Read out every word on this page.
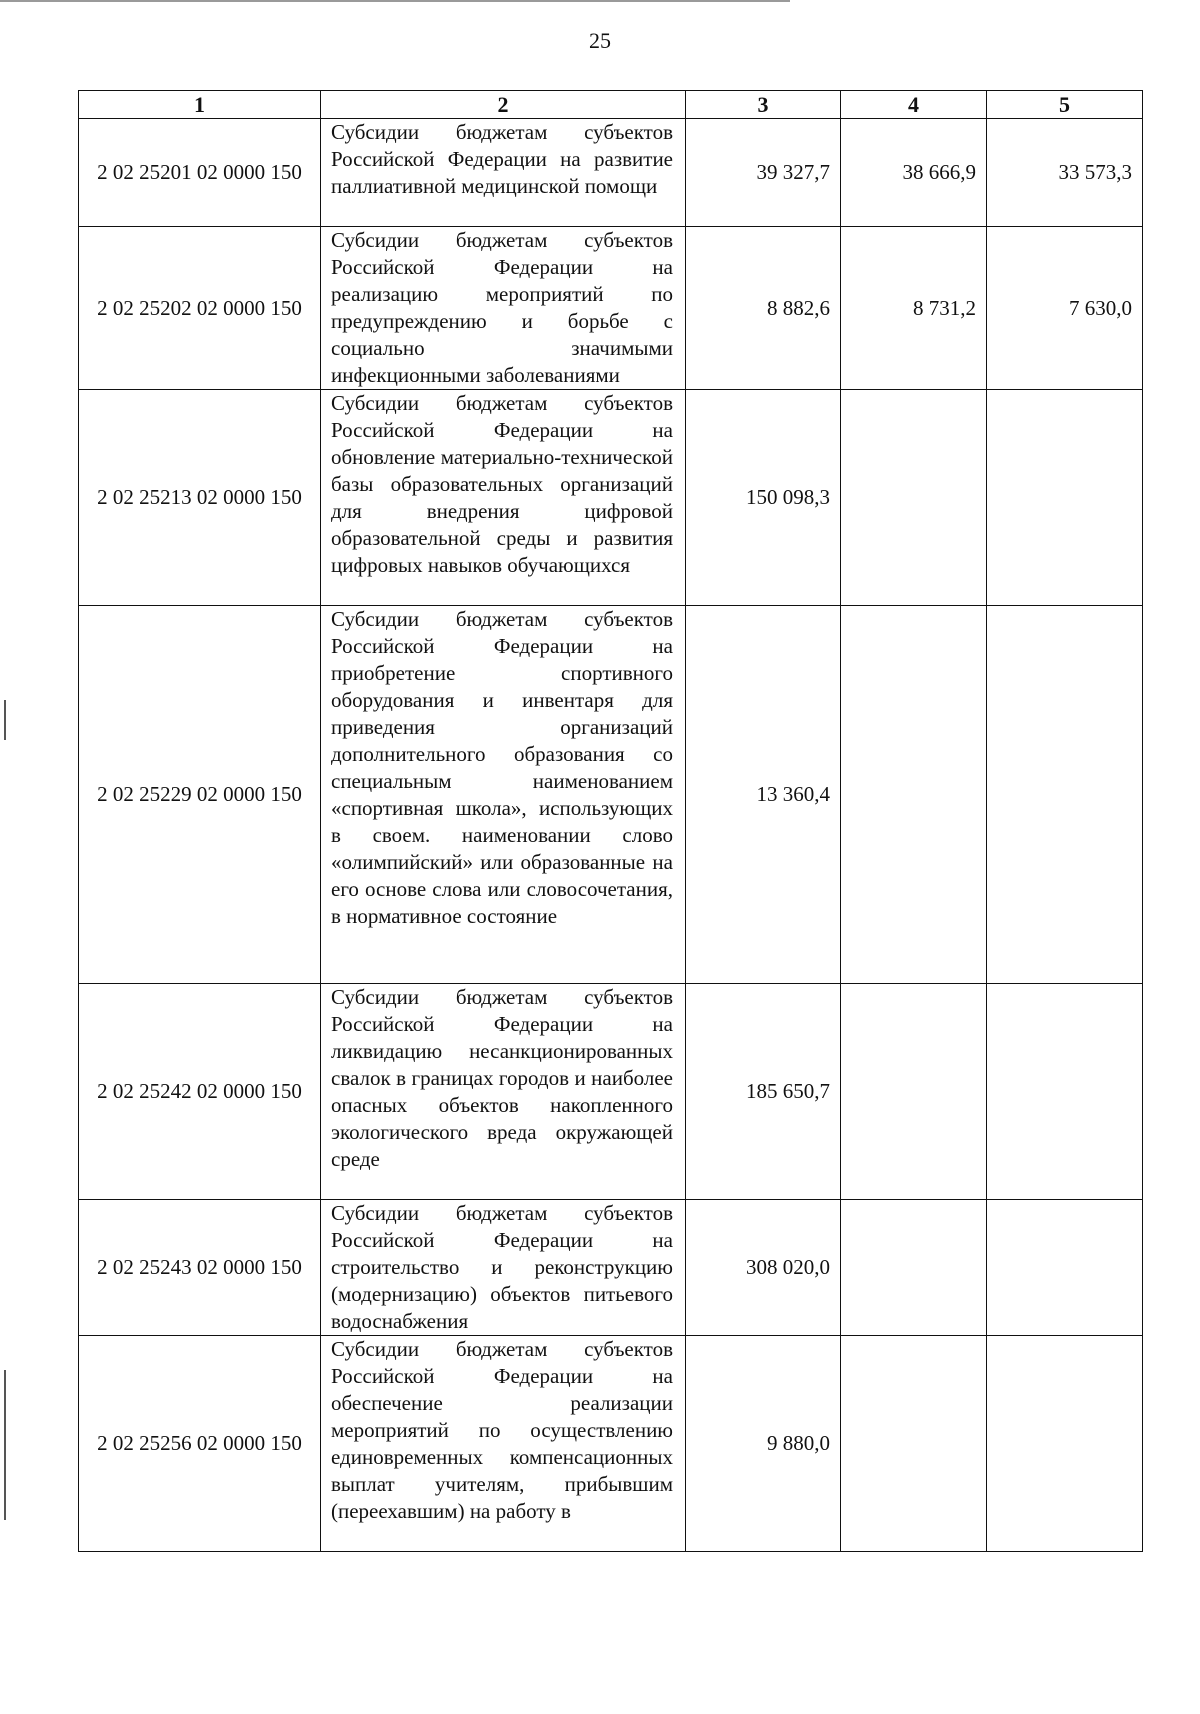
25
1	2	3	4	5
2 02 25201 02 0000 150	Субсидии бюджетам субъектов Российской Федерации на развитие паллиативной медицинской помощи	39 327,7	38 666,9	33 573,3
2 02 25202 02 0000 150	Субсидии бюджетам субъектов Российской Федерации на реализацию мероприятий по предупреждению и борьбе с социально значимыми инфекционными заболеваниями	8 882,6	8 731,2	7 630,0
2 02 25213 02 0000 150	Субсидии бюджетам субъектов Российской Федерации на обновление материально-технической базы образовательных организаций для внедрения цифровой образовательной среды и развития цифровых навыков обучающихся	150 098,3		
2 02 25229 02 0000 150	Субсидии бюджетам субъектов Российской Федерации на приобретение спортивного оборудования и инвентаря для приведения организаций дополнительного образования со специальным наименованием «спортивная школа», использующих в своем. наименовании слово «олимпийский» или образованные на его основе слова или словосочетания, в нормативное состояние	13 360,4		
2 02 25242 02 0000 150	Субсидии бюджетам субъектов Российской Федерации на ликвидацию несанкционированных свалок в границах городов и наиболее опасных объектов накопленного экологического вреда окружающей среде	185 650,7		
2 02 25243 02 0000 150	Субсидии бюджетам субъектов Российской Федерации на строительство и реконструкцию (модернизацию) объектов питьевого водоснабжения	308 020,0		
2 02 25256 02 0000 150	Субсидии бюджетам субъектов Российской Федерации на обеспечение реализации мероприятий по осуществлению единовременных компенсационных выплат учителям, прибывшим (переехавшим) на работу в	9 880,0		
